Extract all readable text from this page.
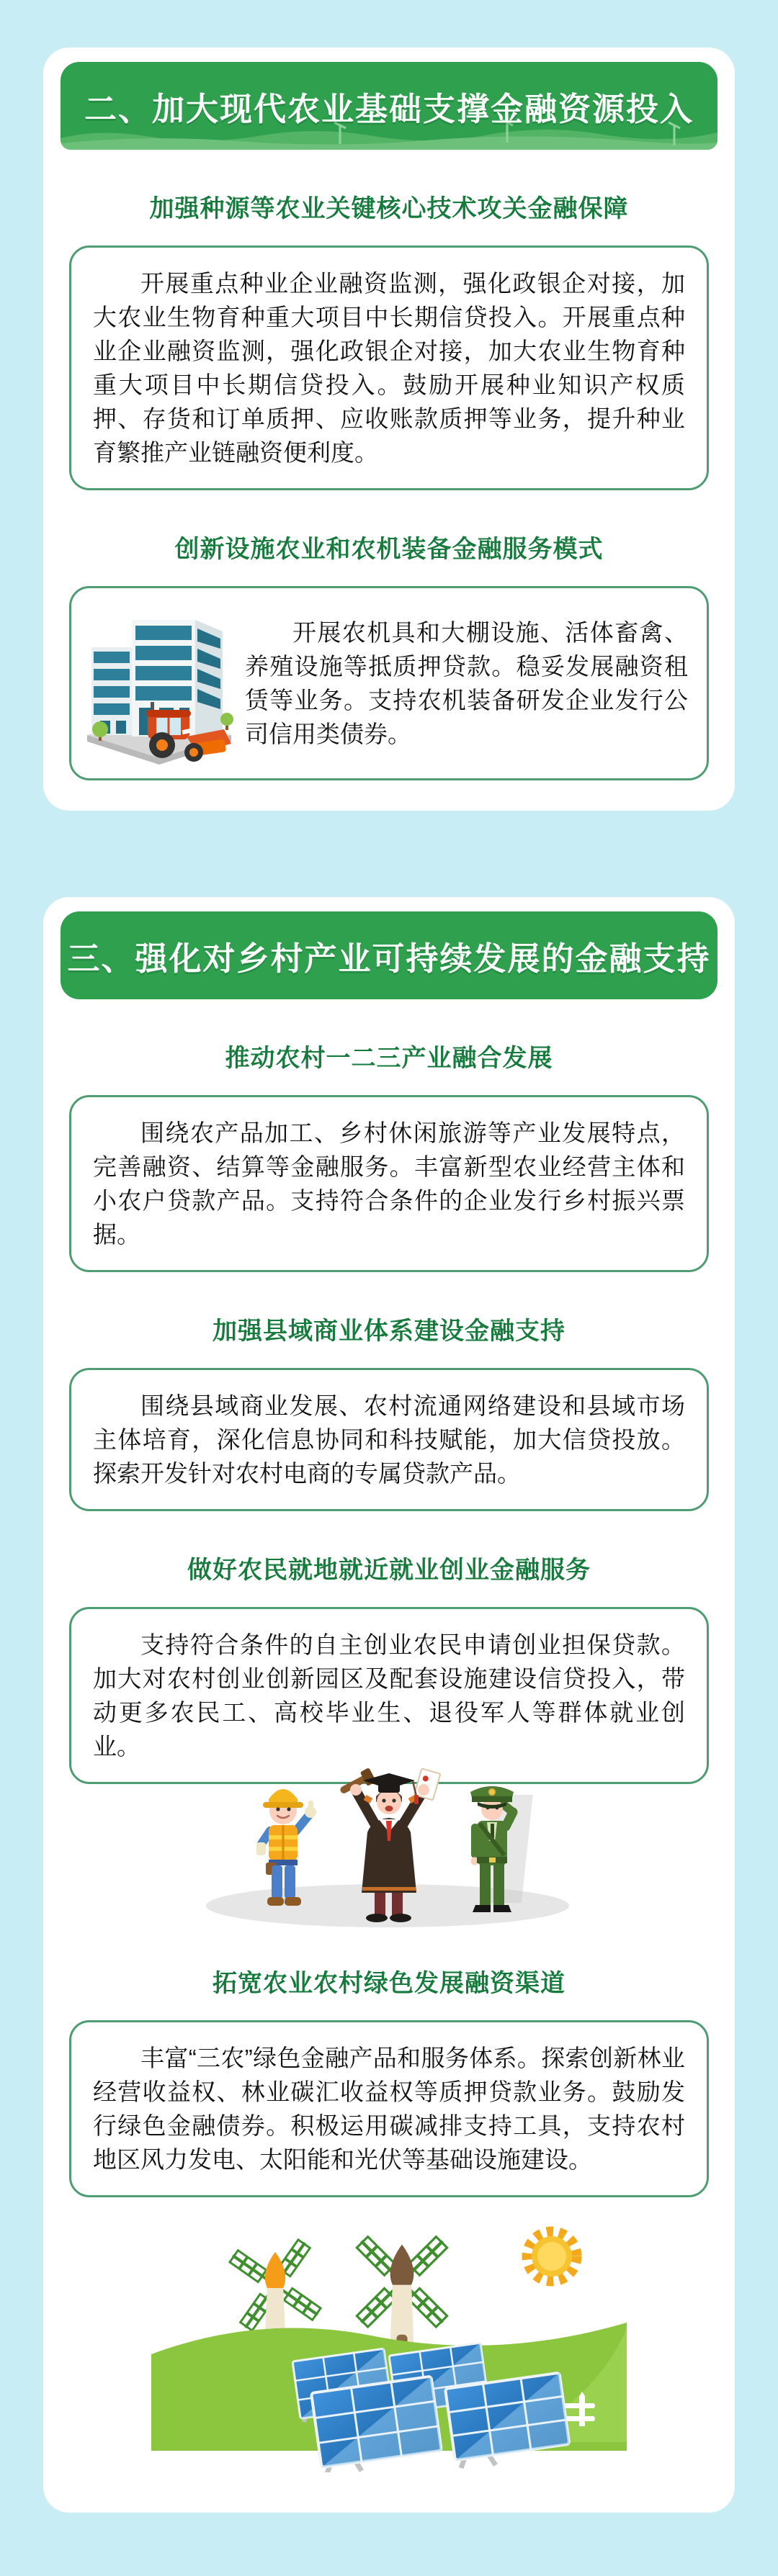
二、加大现代农业基础支撑金融资源投入
加强种源等农业关键核心技术攻关金融保障

开展重点种业企业融资监测，强化政银企对接，加大农业生物育种重大项目中长期信贷投入。开展重点种业企业融资监测，强化政银企对接，加大农业生物育种重大项目中长期信贷投入。鼓励开展种业知识产权质押、存货和订单质押、应收账款质押等业务，提升种业育繁推产业链融资便利度。

创新设施农业和农机装备金融服务模式

开展农机具和大棚设施、活体畜禽、养殖设施等抵质押贷款。稳妥发展融资租赁等业务。支持农机装备研发企业发行公司信用类债券。

三、强化对乡村产业可持续发展的金融支持
推动农村一二三产业融合发展

围绕农产品加工、乡村休闲旅游等产业发展特点，完善融资、结算等金融服务。丰富新型农业经营主体和小农户贷款产品。支持符合条件的企业发行乡村振兴票据。

加强县域商业体系建设金融支持

围绕县域商业发展、农村流通网络建设和县域市场主体培育，深化信息协同和科技赋能，加大信贷投放。探索开发针对农村电商的专属贷款产品。

做好农民就地就近就业创业金融服务

支持符合条件的自主创业农民申请创业担保贷款。加大对农村创业创新园区及配套设施建设信贷投入，带动更多农民工、高校毕业生、退役军人等群体就业创业。

拓宽农业农村绿色发展融资渠道

丰富“三农”绿色金融产品和服务体系。探索创新林业经营收益权、林业碳汇收益权等质押贷款业务。鼓励发行绿色金融债券。积极运用碳减排支持工具，支持农村地区风力发电、太阳能和光伏等基础设施建设。
